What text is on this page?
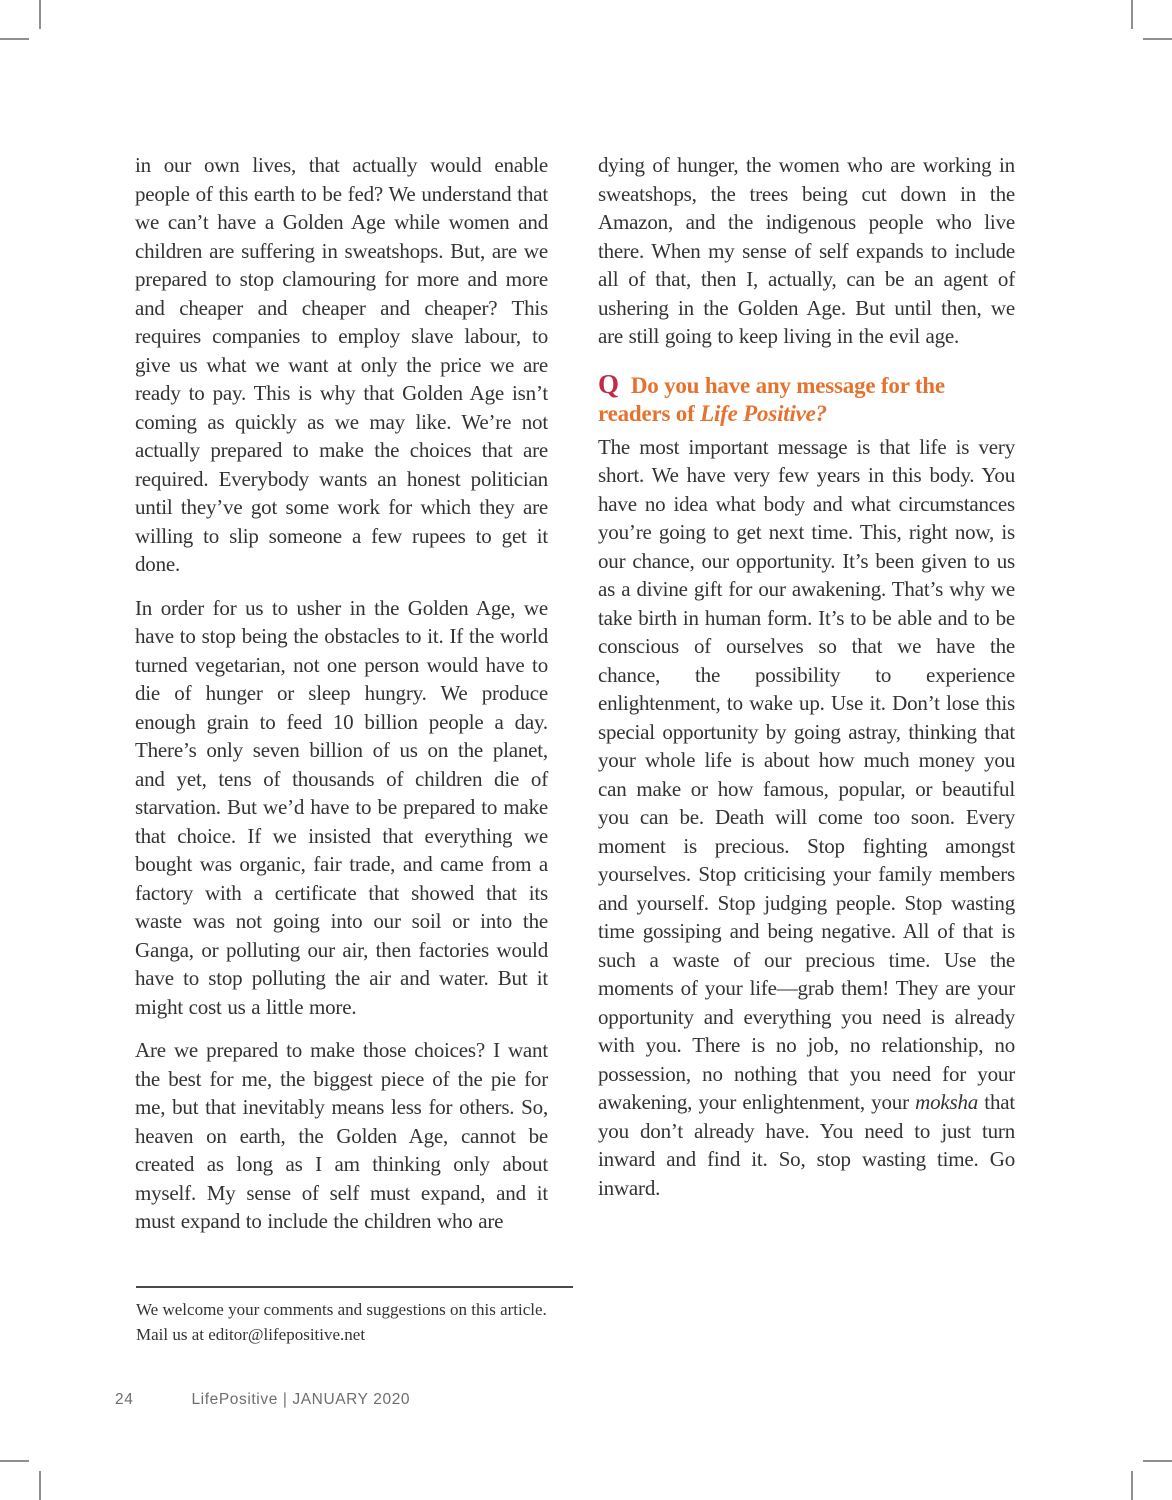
in our own lives, that actually would enable people of this earth to be fed? We understand that we can’t have a Golden Age while women and children are suffering in sweatshops. But, are we prepared to stop clamouring for more and more and cheaper and cheaper and cheaper? This requires companies to employ slave labour, to give us what we want at only the price we are ready to pay. This is why that Golden Age isn’t coming as quickly as we may like. We’re not actually prepared to make the choices that are required. Everybody wants an honest politician until they’ve got some work for which they are willing to slip someone a few rupees to get it done.

In order for us to usher in the Golden Age, we have to stop being the obstacles to it. If the world turned vegetarian, not one person would have to die of hunger or sleep hungry. We produce enough grain to feed 10 billion people a day. There’s only seven billion of us on the planet, and yet, tens of thousands of children die of starvation. But we’d have to be prepared to make that choice. If we insisted that everything we bought was organic, fair trade, and came from a factory with a certificate that showed that its waste was not going into our soil or into the Ganga, or polluting our air, then factories would have to stop polluting the air and water. But it might cost us a little more.

Are we prepared to make those choices? I want the best for me, the biggest piece of the pie for me, but that inevitably means less for others. So, heaven on earth, the Golden Age, cannot be created as long as I am thinking only about myself. My sense of self must expand, and it must expand to include the children who are

dying of hunger, the women who are working in sweatshops, the trees being cut down in the Amazon, and the indigenous people who live there. When my sense of self expands to include all of that, then I, actually, can be an agent of ushering in the Golden Age. But until then, we are still going to keep living in the evil age.

Q Do you have any message for the readers of Life Positive?

The most important message is that life is very short. We have very few years in this body. You have no idea what body and what circumstances you’re going to get next time. This, right now, is our chance, our opportunity. It’s been given to us as a divine gift for our awakening. That’s why we take birth in human form. It’s to be able and to be conscious of ourselves so that we have the chance, the possibility to experience enlightenment, to wake up. Use it. Don’t lose this special opportunity by going astray, thinking that your whole life is about how much money you can make or how famous, popular, or beautiful you can be. Death will come too soon. Every moment is precious. Stop fighting amongst yourselves. Stop criticising your family members and yourself. Stop judging people. Stop wasting time gossiping and being negative. All of that is such a waste of our precious time. Use the moments of your life—grab them! They are your opportunity and everything you need is already with you. There is no job, no relationship, no possession, no nothing that you need for your awakening, your enlightenment, your moksha that you don’t already have. You need to just turn inward and find it. So, stop wasting time. Go inward.

We welcome your comments and suggestions on this article.
Mail us at editor@lifepositive.net
24	LifePositive | JANUARY 2020
